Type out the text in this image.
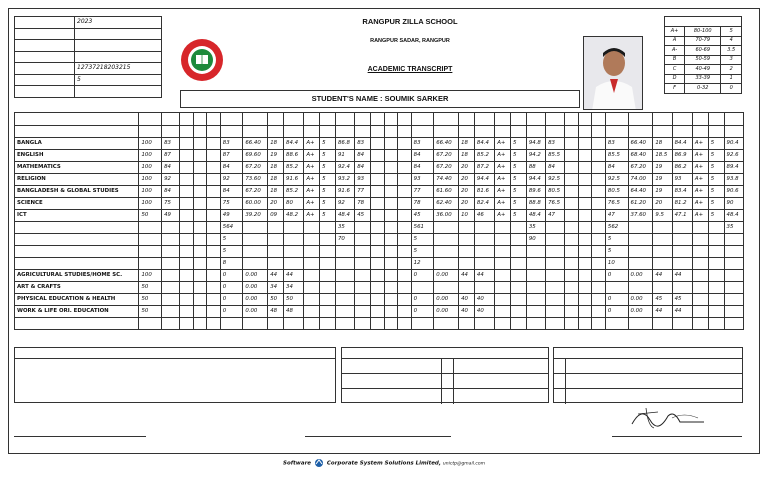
	2023

	12737218203215
	5

RANGPUR ZILLA SCHOOL
RANGPUR SADAR, RANGPUR
ACADEMIC TRANSCRIPT
STUDENT'S NAME : SOUMIK SARKER

A+	80-100	5
A	70-79	4
A-	60-69	3.5
B	50-59	3
C	40-49	2
D	33-39	1
F	0-32	0

BANGLA	100	83				83	66.40	18	84.4	A+	5	86.8	83				83	66.40	18	84.4	A+	5	94.8	83				83	66.40	18	84.4	A+	5	90.4
ENGLISH	100	87				87	69.60	19	88.6	A+	5	91	84				84	67.20	18	85.2	A+	5	94.2	85.5				85.5	68.40	18.5	86.9	A+	5	92.6
MATHEMATICS	100	84				84	67.20	18	85.2	A+	5	92.4	84				84	67.20	20	87.2	A+	5	88	84				84	67.20	19	86.2	A+	5	89.4
RELIGION	100	92				92	73.60	18	91.6	A+	5	93.2	93				93	74.40	20	94.4	A+	5	94.4	92.5				92.5	74.00	19	93	A+	5	93.8
BANGLADESH & GLOBAL STUDIES	100	84				84	67.20	18	85.2	A+	5	91.6	77				77	61.60	20	81.6	A+	5	89.6	80.5				80.5	64.40	19	83.4	A+	5	90.6
SCIENCE	100	75				75	60.00	20	80	A+	5	92	78				78	62.40	20	82.4	A+	5	88.8	76.5				76.5	61.20	20	81.2	A+	5	90
ICT	50	49				49	39.20	09	48.2	A+	5	48.4	45				45	36.00	10	46	A+	5	48.4	47				47	37.60	9.5	47.1	A+	5	48.4
						564						35					561						35					562						35
						5						70					5						90					5						
						5											5											5						
						8											12											10						
AGRICULTURAL STUDIES/HOME SC.	100					0	0.00	44	44								0	0.00	44	44								0	0.00	44	44			
ART & CRAFTS	50					0	0.00	34	34																									
PHYSICAL EDUCATION & HEALTH	50					0	0.00	50	50								0	0.00	40	40								0	0.00	45	45			
WORK & LIFE ORI. EDUCATION	50					0	0.00	48	48								0	0.00	40	40								0	0.00	44	44			

Software	Corporate System Solutions Limited, unictp@gmail.com
